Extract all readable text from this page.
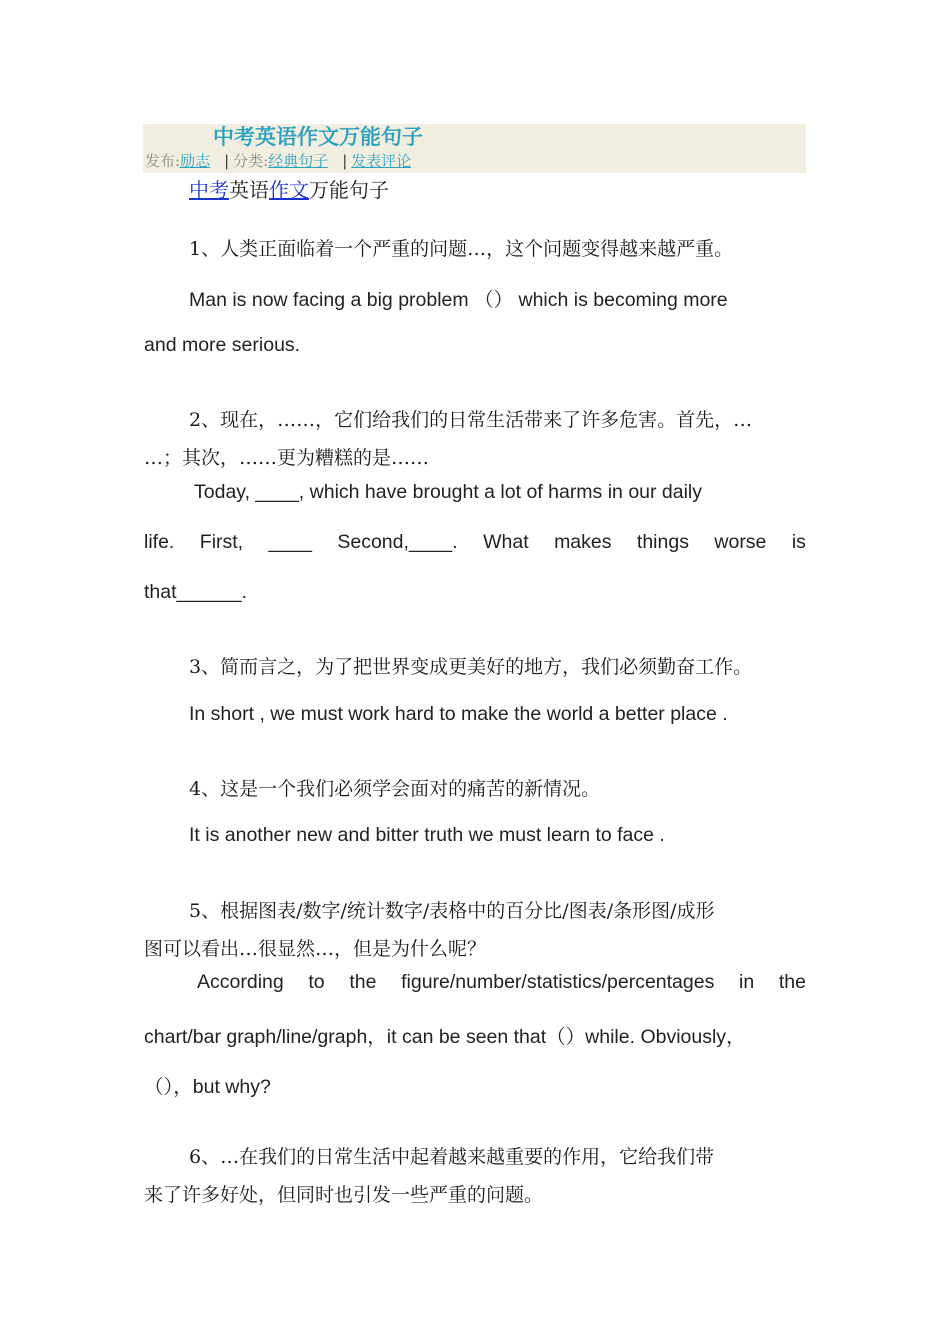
中考英语作文万能句子
发布:励志 | 分类:经典句子 | 发表评论
中考英语作文万能句子
1、人类正面临着一个严重的问题…，这个问题变得越来越严重。
Man is now facing a big problem （） which is becoming more
and more serious.
2、现在，……，它们给我们的日常生活带来了许多危害。首先，…
…；其次，……更为糟糕的是……
Today, ____, which have brought a lot of harms in our daily
life. First, ____ Second,____. What makes things worse is
that______.
3、简而言之，为了把世界变成更美好的地方，我们必须勤奋工作。
In short , we must work hard to make the world a better place .
4、这是一个我们必须学会面对的痛苦的新情况。
It is another new and bitter truth we must learn to face .
5、根据图表/数字/统计数字/表格中的百分比/图表/条形图/成形
图可以看出…很显然…，但是为什么呢？
According to the figure/number/statistics/percentages in the
chart/bar graph/line/graph，it can be seen that（）while. Obviously，
（），but why?
6、…在我们的日常生活中起着越来越重要的作用，它给我们带
来了许多好处，但同时也引发一些严重的问题。
